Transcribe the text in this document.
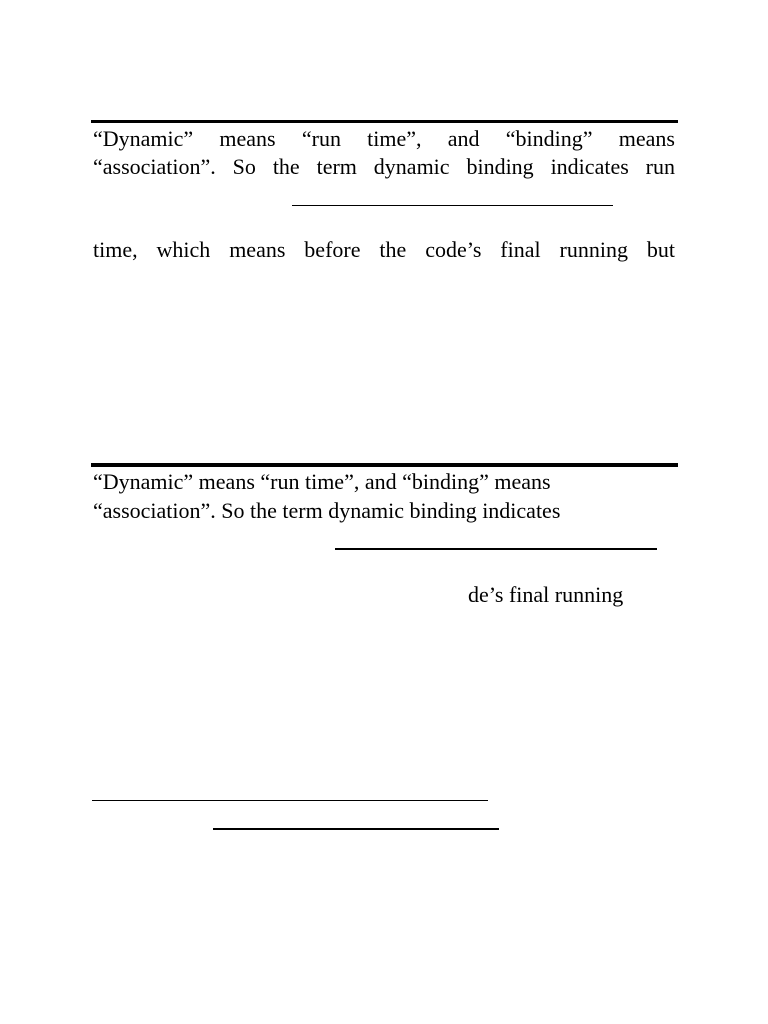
“Dynamic” means “run time”, and “binding” means
“association”. So the term dynamic binding indicates run
time, which means before the code’s final running but
“Dynamic” means “run time”, and “binding” means
“association”. So the term dynamic binding indicates
de’s final running
